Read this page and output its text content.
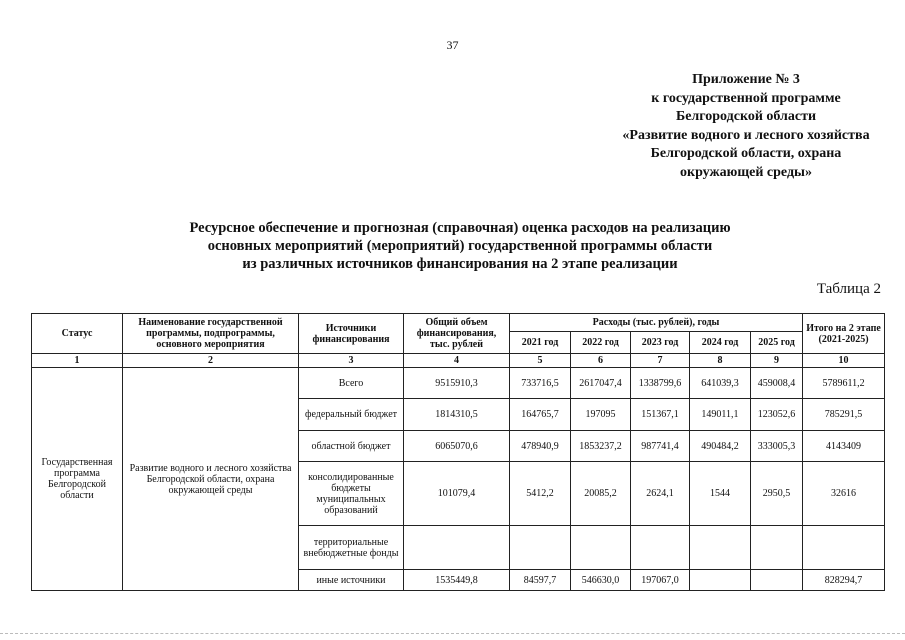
37
Приложение № 3
к государственной программе
Белгородской области
«Развитие водного и лесного хозяйства
Белгородской области, охрана
окружающей среды»
Ресурсное обеспечение и прогнозная (справочная) оценка расходов на реализацию
основных мероприятий (мероприятий) государственной программы области
из различных источников финансирования на 2 этапе реализации
Таблица 2
Статус	Наименование государственной программы, подпрограммы, основного мероприятия	Источники финансирования	Общий объем финансирования, тыс. рублей	Расходы (тыс. рублей), годы					Итого на 2 этапе (2021-2025)
				2021 год	2022 год	2023 год	2024 год	2025 год	
1	2	3	4	5	6	7	8	9	10
Государственная программа Белгородской области	Развитие водного и лесного хозяйства Белгородской области, охрана окружающей среды	Всего	9515910,3	733716,5	2617047,4	1338799,6	641039,3	459008,4	5789611,2
		федеральный бюджет	1814310,5	164765,7	197095	151367,1	149011,1	123052,6	785291,5
		областной бюджет	6065070,6	478940,9	1853237,2	987741,4	490484,2	333005,3	4143409
		консолидированные бюджеты муниципальных образований	101079,4	5412,2	20085,2	2624,1	1544	2950,5	32616
		территориальные внебюджетные фонды							
		иные источники	1535449,8	84597,7	546630,0	197067,0			828294,7
